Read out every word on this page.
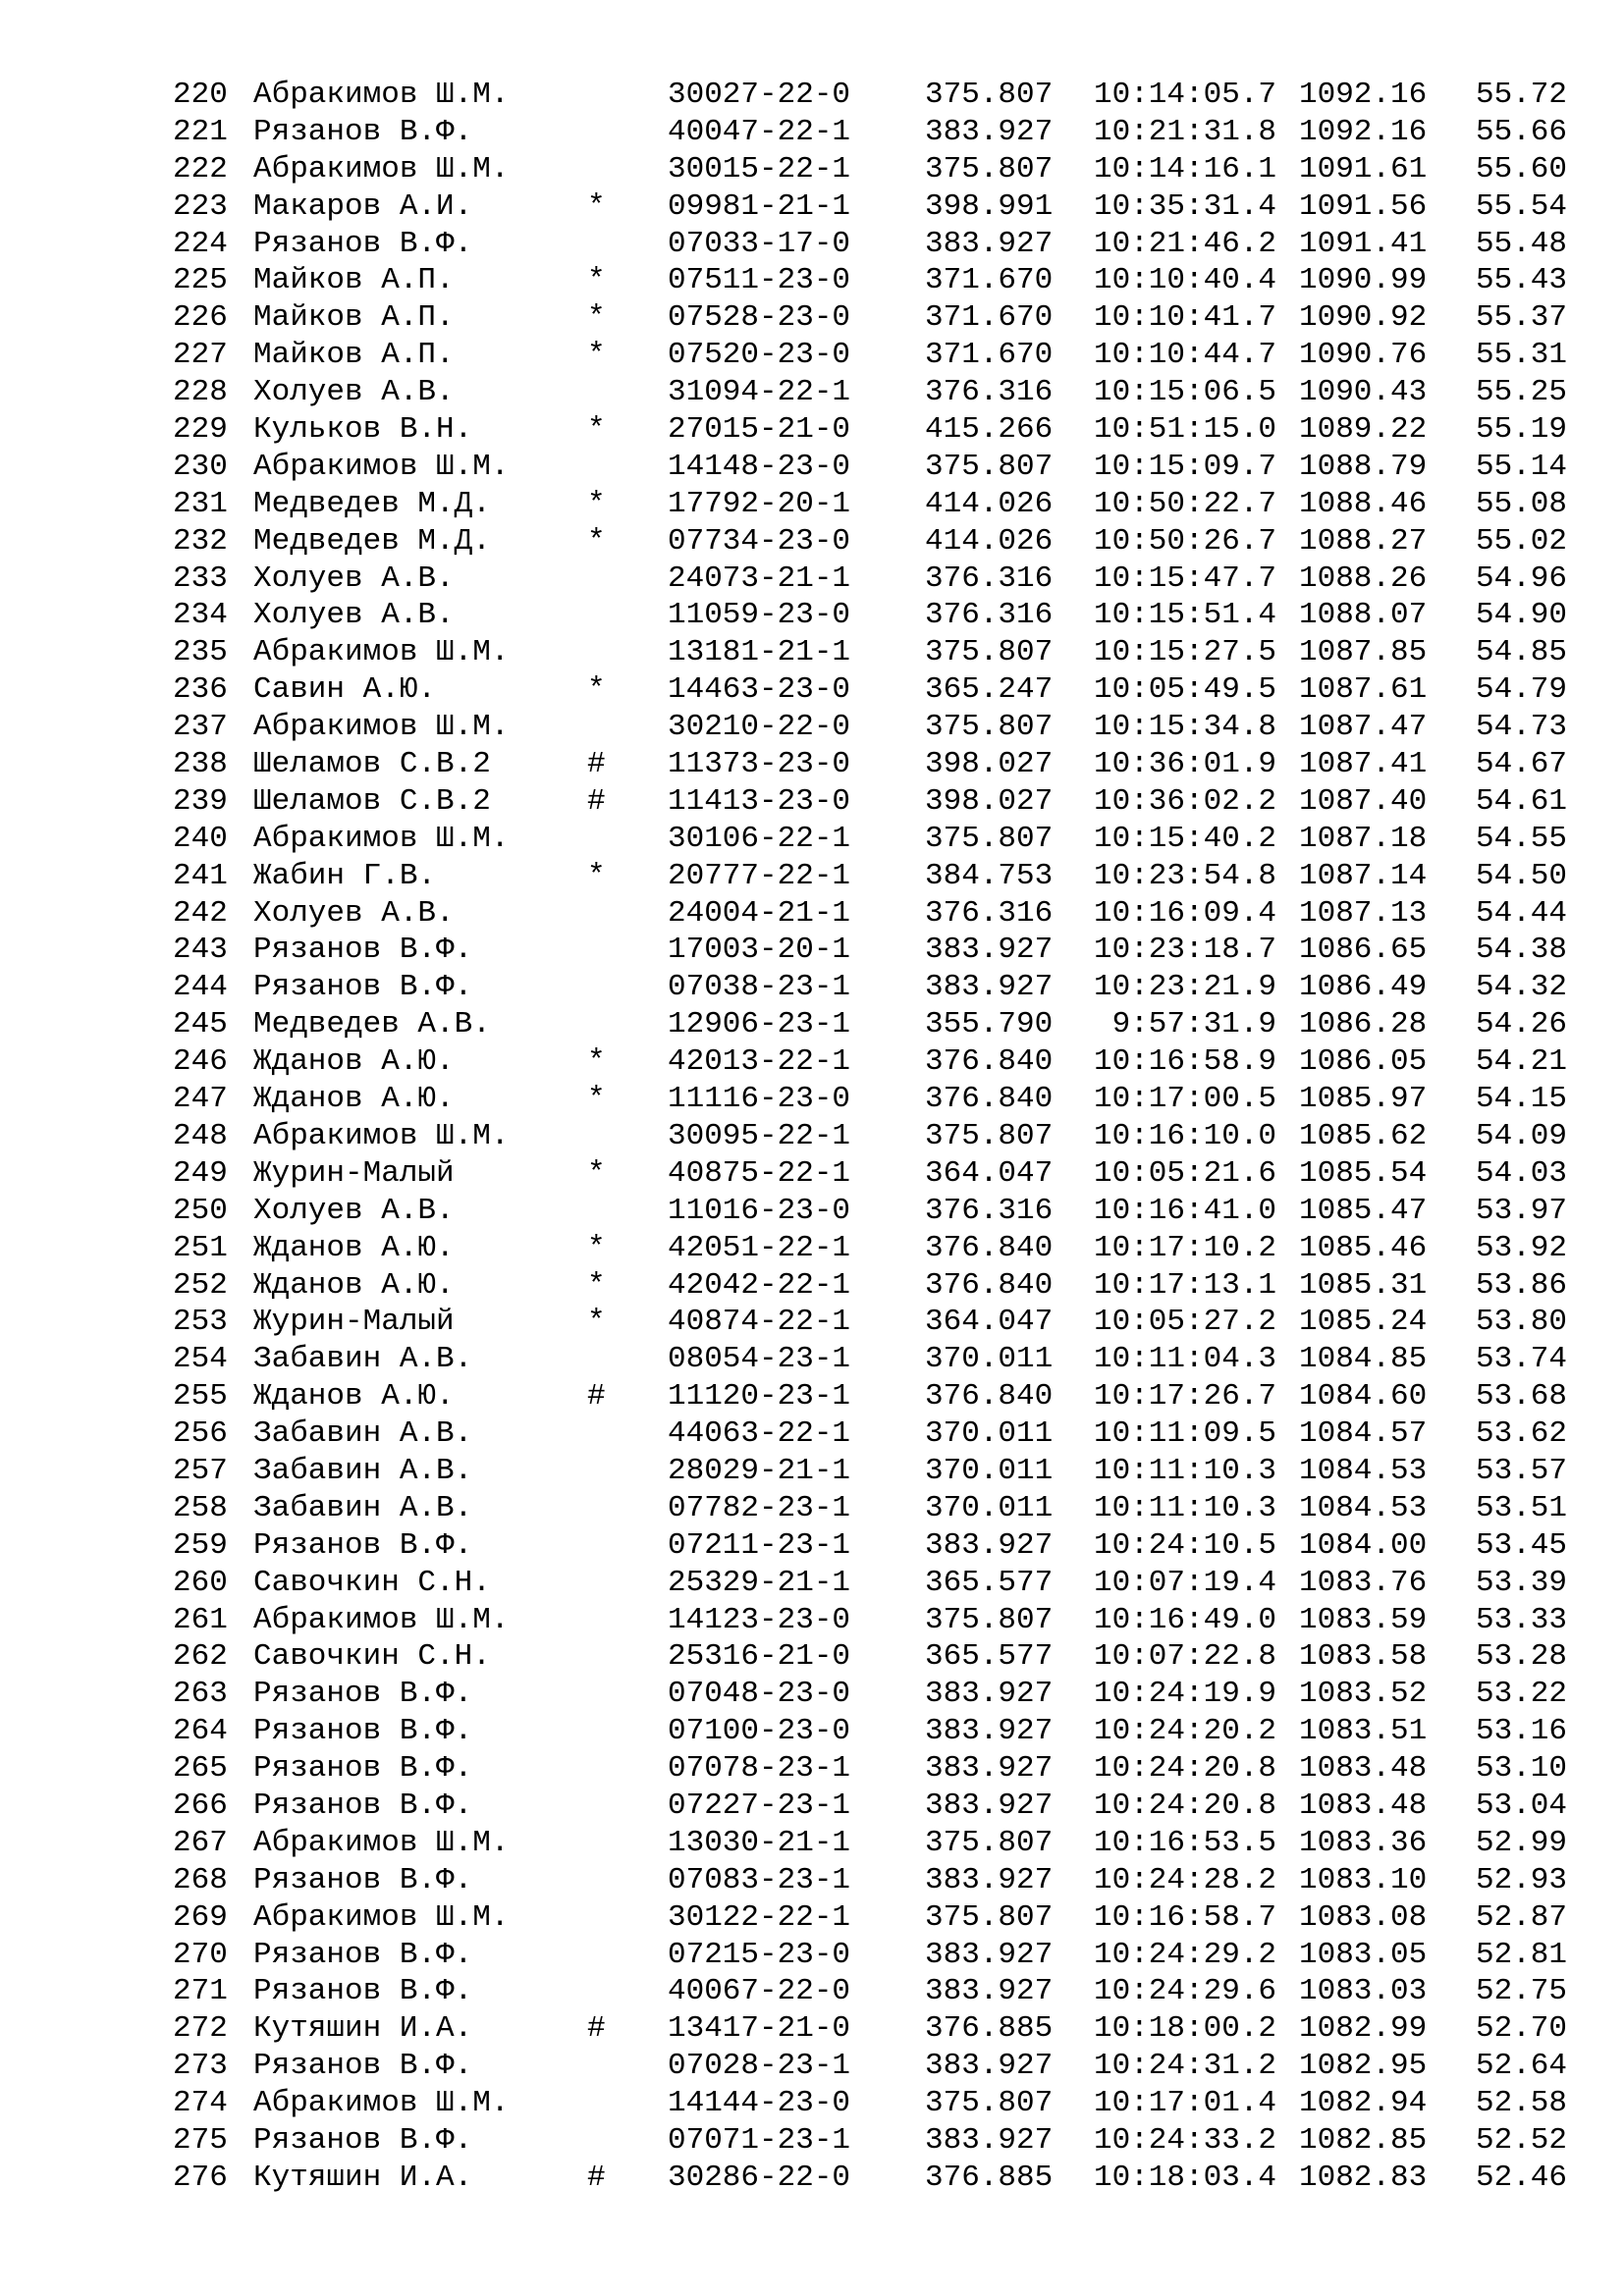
220 Абракимов Ш.М.	30027-22-0 375.807	10:14:05.7 1092.16 55.72
221 Рязанов В.Ф.	40047-22-1 383.927	10:21:31.8 1092.16 55.66
222 Абракимов Ш.М.	30015-22-1 375.807	10:14:16.1 1091.61 55.60
223 Макаров А.И.	* 09981-21-1 398.991	10:35:31.4 1091.56 55.54
224 Рязанов В.Ф.	07033-17-0 383.927	10:21:46.2 1091.41 55.48
225 Майков А.П.	* 07511-23-0 371.670	10:10:40.4 1090.99 55.43
226 Майков А.П.	* 07528-23-0 371.670	10:10:41.7 1090.92 55.37
227 Майков А.П.	* 07520-23-0 371.670	10:10:44.7 1090.76 55.31
228 Холуев А.В.	31094-22-1 376.316	10:15:06.5 1090.43 55.25
229 Кульков В.Н.	* 27015-21-0 415.266	10:51:15.0 1089.22 55.19
230 Абракимов Ш.М.	14148-23-0 375.807	10:15:09.7 1088.79 55.14
231 Медведев М.Д.	* 17792-20-1 414.026	10:50:22.7 1088.46 55.08
232 Медведев М.Д.	* 07734-23-0 414.026	10:50:26.7 1088.27 55.02
233 Холуев А.В.	24073-21-1 376.316	10:15:47.7 1088.26 54.96
234 Холуев А.В.	11059-23-0 376.316	10:15:51.4 1088.07 54.90
235 Абракимов Ш.М.	13181-21-1 375.807	10:15:27.5 1087.85 54.85
236 Савин А.Ю.	* 14463-23-0 365.247	10:05:49.5 1087.61 54.79
237 Абракимов Ш.М.	30210-22-0 375.807	10:15:34.8 1087.47 54.73
238 Шеламов С.В.2	# 11373-23-0 398.027	10:36:01.9 1087.41 54.67
239 Шеламов С.В.2	# 11413-23-0 398.027	10:36:02.2 1087.40 54.61
240 Абракимов Ш.М.	30106-22-1 375.807	10:15:40.2 1087.18 54.55
241 Жабин Г.В.	* 20777-22-1 384.753	10:23:54.8 1087.14 54.50
242 Холуев А.В.	24004-21-1 376.316	10:16:09.4 1087.13 54.44
243 Рязанов В.Ф.	17003-20-1 383.927	10:23:18.7 1086.65 54.38
244 Рязанов В.Ф.	07038-23-1 383.927	10:23:21.9 1086.49 54.32
245 Медведев А.В.	12906-23-1 355.790	9:57:31.9 1086.28 54.26
246 Жданов А.Ю.	* 42013-22-1 376.840	10:16:58.9 1086.05 54.21
247 Жданов А.Ю.	* 11116-23-0 376.840	10:17:00.5 1085.97 54.15
248 Абракимов Ш.М.	30095-22-1 375.807	10:16:10.0 1085.62 54.09
249 Журин-Малый	* 40875-22-1 364.047	10:05:21.6 1085.54 54.03
250 Холуев А.В.	11016-23-0 376.316	10:16:41.0 1085.47 53.97
251 Жданов А.Ю.	* 42051-22-1 376.840	10:17:10.2 1085.46 53.92
252 Жданов А.Ю.	* 42042-22-1 376.840	10:17:13.1 1085.31 53.86
253 Журин-Малый	* 40874-22-1 364.047	10:05:27.2 1085.24 53.80
254 Забавин А.В.	08054-23-1 370.011	10:11:04.3 1084.85 53.74
255 Жданов А.Ю.	# 11120-23-1 376.840	10:17:26.7 1084.60 53.68
256 Забавин А.В.	44063-22-1 370.011	10:11:09.5 1084.57 53.62
257 Забавин А.В.	28029-21-1 370.011	10:11:10.3 1084.53 53.57
258 Забавин А.В.	07782-23-1 370.011	10:11:10.3 1084.53 53.51
259 Рязанов В.Ф.	07211-23-1 383.927	10:24:10.5 1084.00 53.45
260 Савочкин С.Н.	25329-21-1 365.577	10:07:19.4 1083.76 53.39
261 Абракимов Ш.М.	14123-23-0 375.807	10:16:49.0 1083.59 53.33
262 Савочкин С.Н.	25316-21-0 365.577	10:07:22.8 1083.58 53.28
263 Рязанов В.Ф.	07048-23-0 383.927	10:24:19.9 1083.52 53.22
264 Рязанов В.Ф.	07100-23-0 383.927	10:24:20.2 1083.51 53.16
265 Рязанов В.Ф.	07078-23-1 383.927	10:24:20.8 1083.48 53.10
266 Рязанов В.Ф.	07227-23-1 383.927	10:24:20.8 1083.48 53.04
267 Абракимов Ш.М.	13030-21-1 375.807	10:16:53.5 1083.36 52.99
268 Рязанов В.Ф.	07083-23-1 383.927	10:24:28.2 1083.10 52.93
269 Абракимов Ш.М.	30122-22-1 375.807	10:16:58.7 1083.08 52.87
270 Рязанов В.Ф.	07215-23-0 383.927	10:24:29.2 1083.05 52.81
271 Рязанов В.Ф.	40067-22-0 383.927	10:24:29.6 1083.03 52.75
272 Кутяшин И.А.	# 13417-21-0 376.885	10:18:00.2 1082.99 52.70
273 Рязанов В.Ф.	07028-23-1 383.927	10:24:31.2 1082.95 52.64
274 Абракимов Ш.М.	14144-23-0 375.807	10:17:01.4 1082.94 52.58
275 Рязанов В.Ф.	07071-23-1 383.927	10:24:33.2 1082.85 52.52
276 Кутяшин И.А.	# 30286-22-0 376.885	10:18:03.4 1082.83 52.46
